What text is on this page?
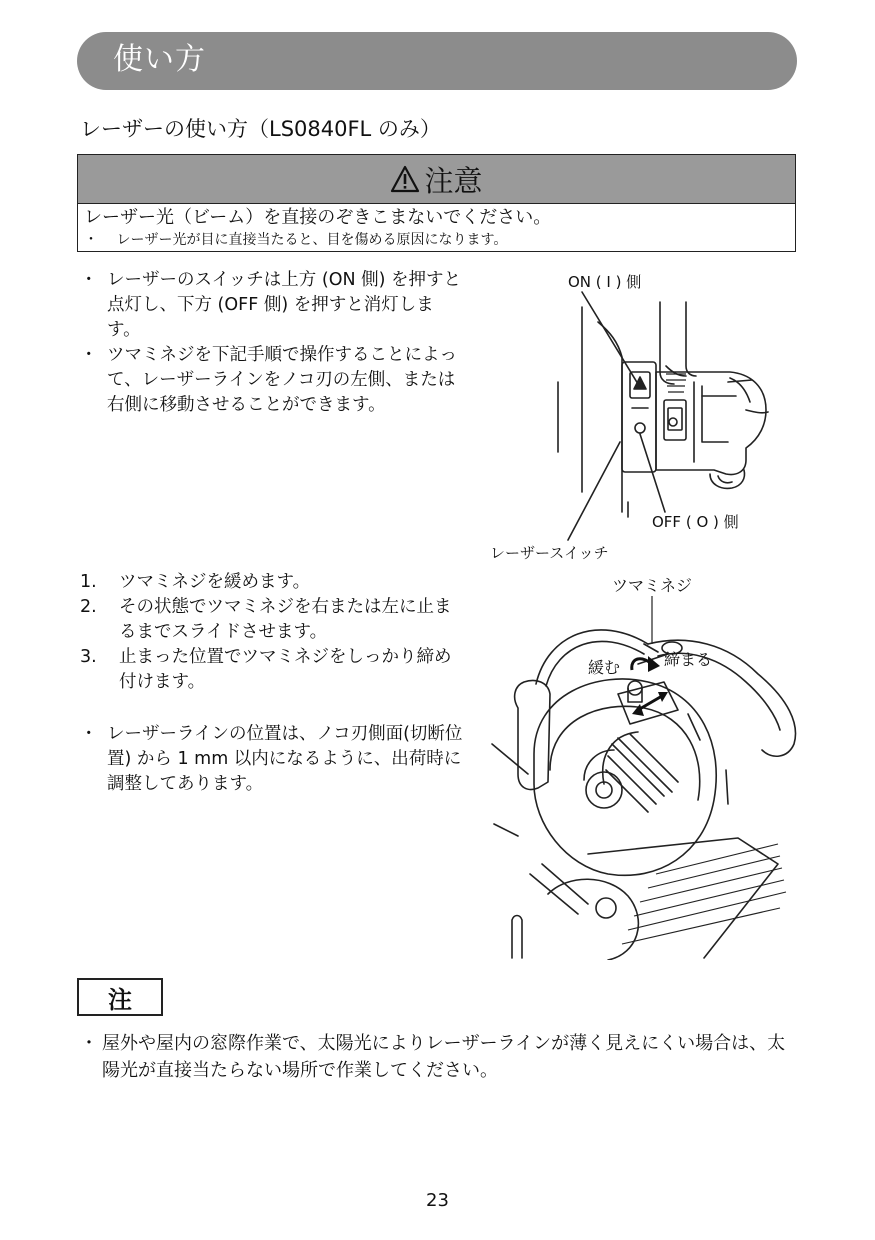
使い方
レーザーの使い方（LS0840FL のみ）
注意
レーザー光（ビーム）を直接のぞきこまないでください。
・ レーザー光が目に直接当たると、目を傷める原因になります。
・ レーザーのスイッチは上方 (ON 側) を押すと点灯し、下方 (OFF 側) を押すと消灯します。
・ ツマミネジを下記手順で操作することによって、レーザーラインをノコ刃の左側、または右側に移動させることができます。
1.	ツマミネジを緩めます。
2.	その状態でツマミネジを右または左に止まるまでスライドさせます。
3.	止まった位置でツマミネジをしっかり締め付けます。
・ レーザーラインの位置は、ノコ刃側面(切断位置) から 1 mm 以内になるように、出荷時に調整してあります。
ON ( I ) 側
OFF ( O ) 側
レーザースイッチ
ツマミネジ
緩む	締まる
注
・ 屋外や屋内の窓際作業で、太陽光によりレーザーラインが薄く見えにくい場合は、太陽光が直接当たらない場所で作業してください。
23
